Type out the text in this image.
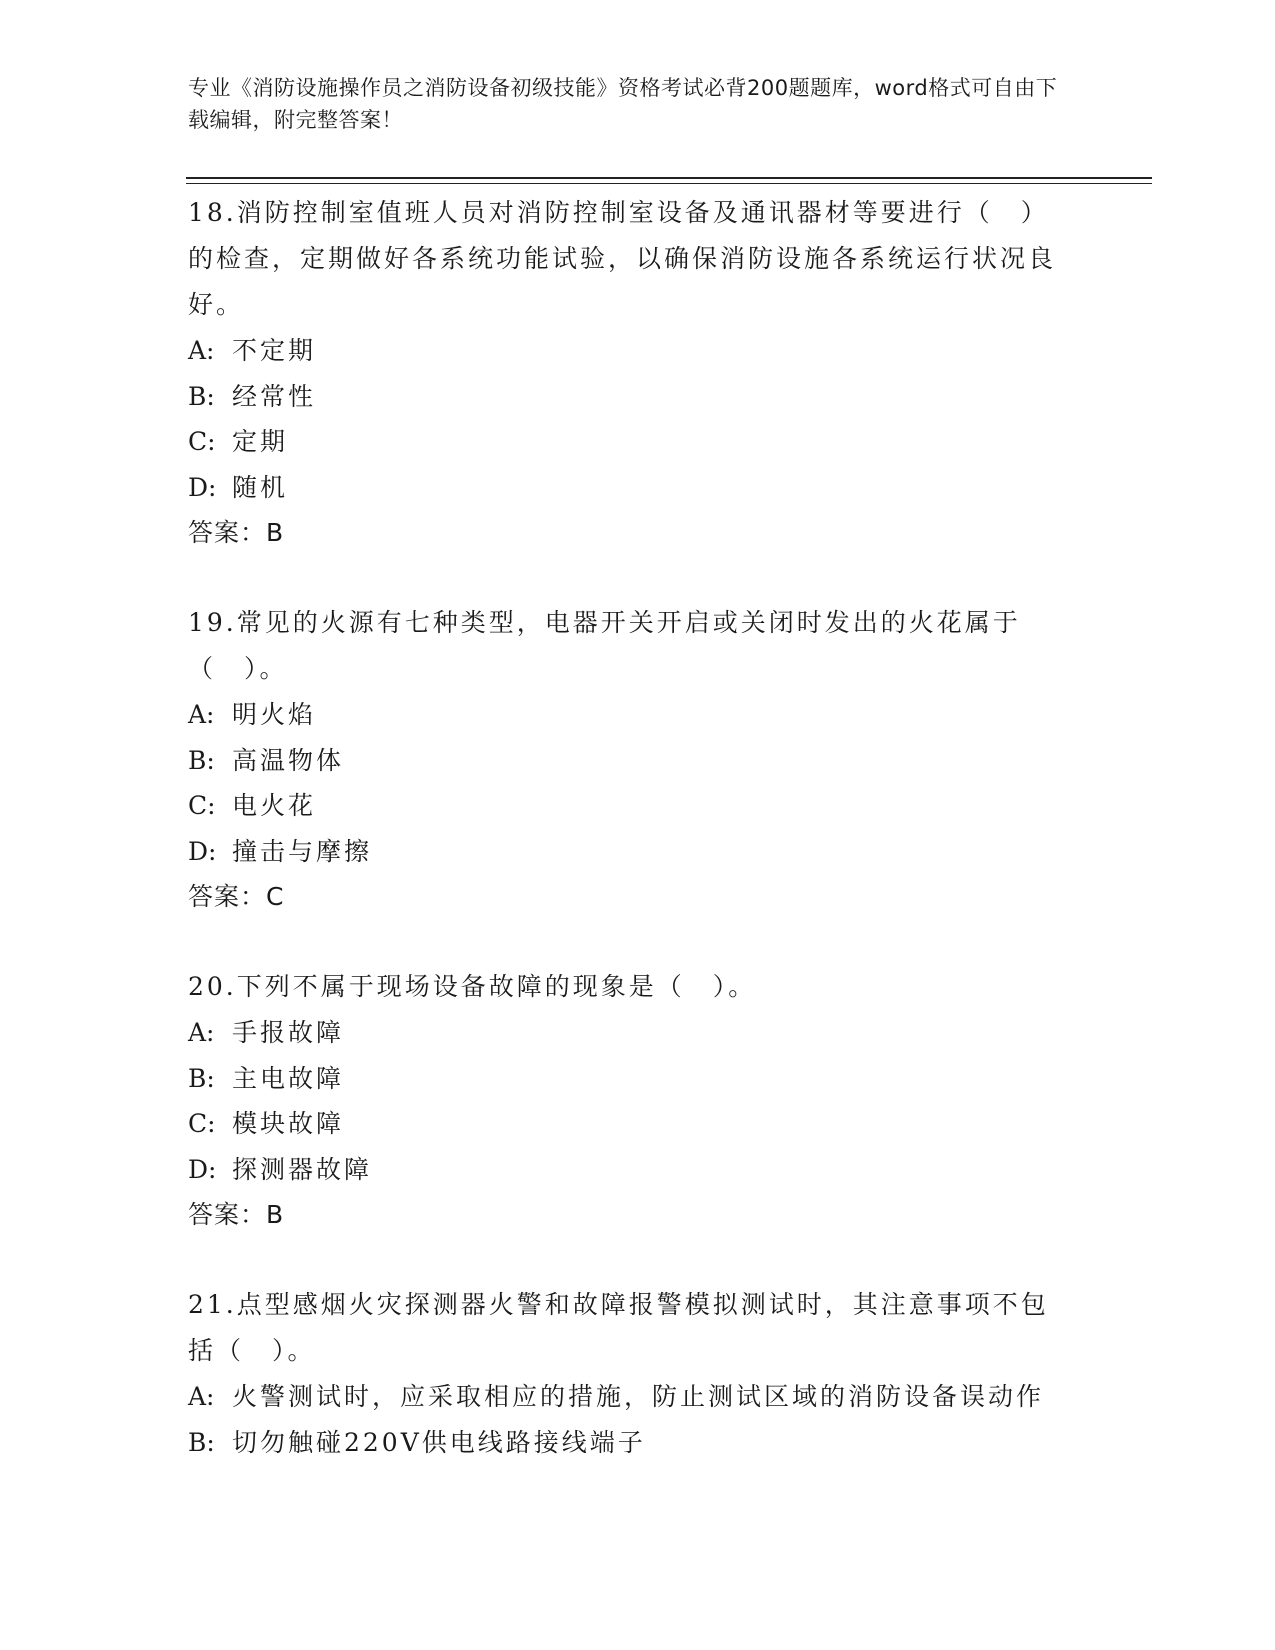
专业《消防设施操作员之消防设备初级技能》资格考试必背200题题库，word格式可自由下载编辑，附完整答案！
18.消防控制室值班人员对消防控制室设备及通讯器材等要进行（　）的检查，定期做好各系统功能试验，以确保消防设施各系统运行状况良好。
A: 不定期
B: 经常性
C: 定期
D: 随机
答案：B
19.常见的火源有七种类型，电器开关开启或关闭时发出的火花属于（　）。
A: 明火焰
B: 高温物体
C: 电火花
D: 撞击与摩擦
答案：C
20.下列不属于现场设备故障的现象是（　）。
A: 手报故障
B: 主电故障
C: 模块故障
D: 探测器故障
答案：B
21.点型感烟火灾探测器火警和故障报警模拟测试时，其注意事项不包括（　）。
A: 火警测试时，应采取相应的措施，防止测试区域的消防设备误动作
B: 切勿触碰220V供电线路接线端子
